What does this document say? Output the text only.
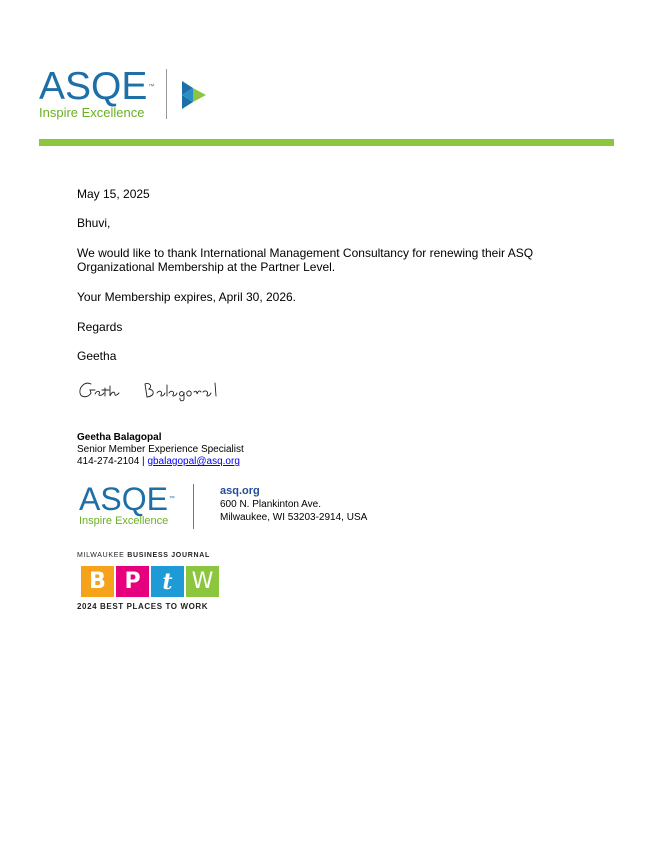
ASQE™
Inspire Excellence
May 15, 2025
Bhuvi,
We would like to thank International Management Consultancy for renewing their ASQ Organizational Membership at the Partner Level.
Your Membership expires, April 30, 2026.
Regards
Geetha
Geetha Balagopal
Senior Member Experience Specialist
414-274-2104 | gbalagopal@asq.org
ASQE™
Inspire Excellence
asq.org
600 N. Plankinton Ave.
Milwaukee, WI 53203-2914, USA
MILWAUKEE BUSINESS JOURNAL
B P t W
2024 BEST PLACES TO WORK
